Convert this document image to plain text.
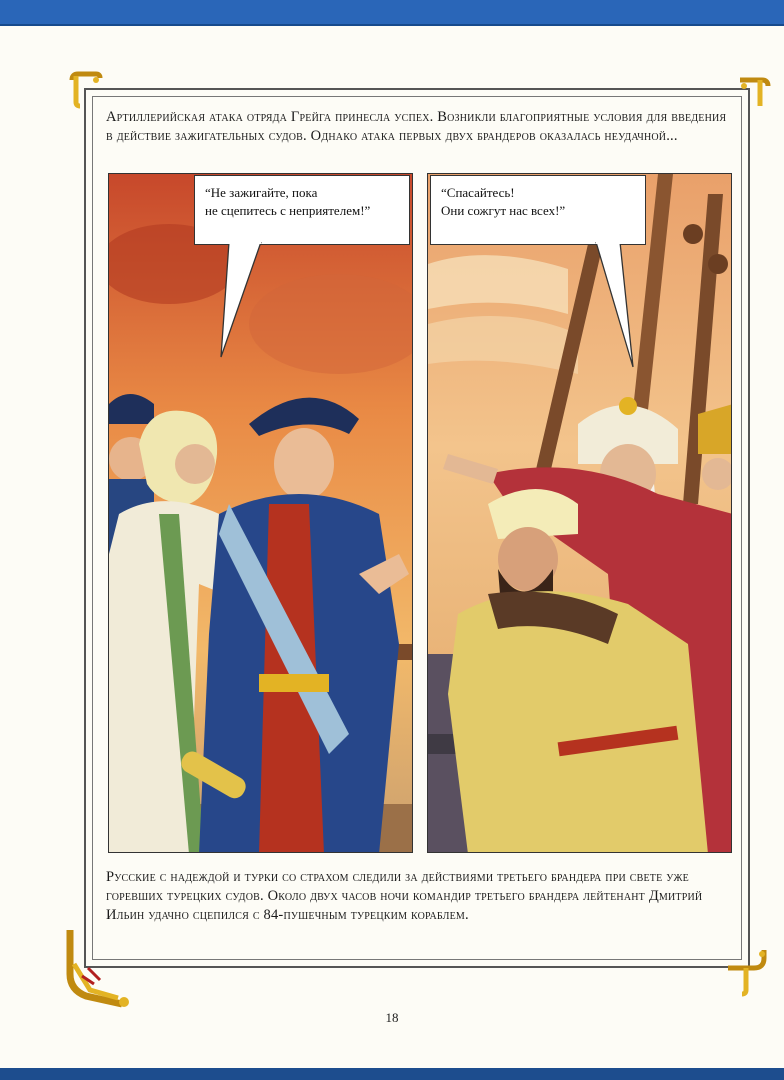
Артиллерийская атака отряда Грейга принесла успех. Возникли благоприятные условия для введения в действие зажигательных судов. Однако атака первых двух брандеров оказалась неудачной...

“Не зажигайте, пока

не сцепитесь с неприятелем!”

“Спасайтесь!

Они сожгут нас всех!”

Русские с надеждой и турки со страхом следили за действиями третьего брандера при свете уже горевших турецких судов. Около двух часов ночи командир третьего брандера лейтенант Дмитрий Ильин удачно сцепился с 84-пушечным турецким кораблем.

18
